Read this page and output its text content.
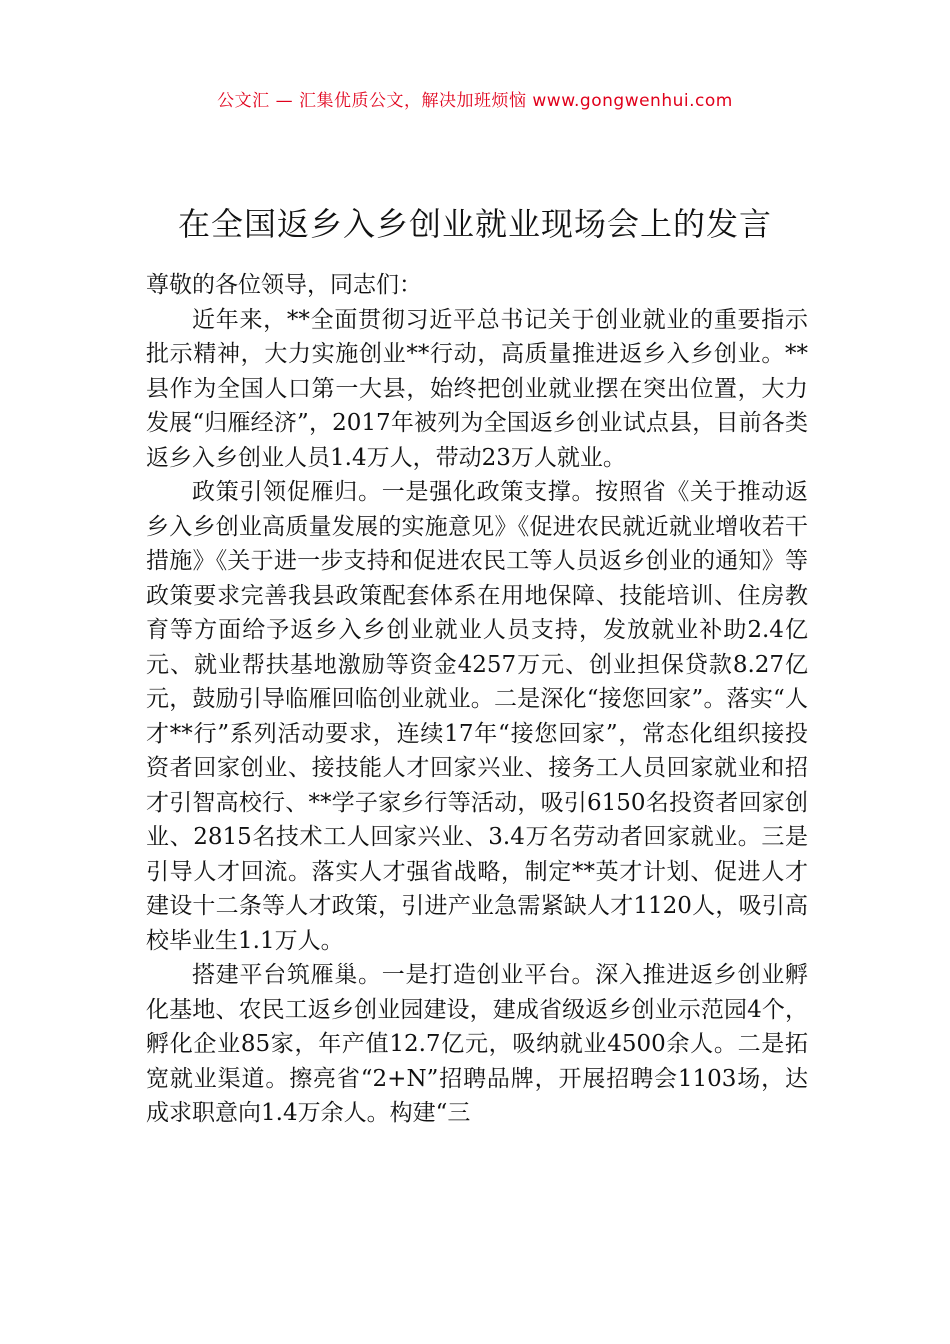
公文汇 — 汇集优质公文，解决加班烦恼 www.gongwenhui.com
在全国返乡入乡创业就业现场会上的发言

尊敬的各位领导，同志们：

近年来，**全面贯彻习近平总书记关于创业就业的重要指示批示精神，大力实施创业**行动，高质量推进返乡入乡创业。**县作为全国人口第一大县，始终把创业就业摆在突出位置，大力发展“归雁经济”，2017年被列为全国返乡创业试点县，目前各类返乡入乡创业人员1.4万人，带动23万人就业。

政策引领促雁归。一是强化政策支撑。按照省《关于推动返乡入乡创业高质量发展的实施意见》《促进农民就近就业增收若干措施》《关于进一步支持和促进农民工等人员返乡创业的通知》等政策要求完善我县政策配套体系在用地保障、技能培训、住房教育等方面给予返乡入乡创业就业人员支持，发放就业补助2.4亿元、就业帮扶基地激励等资金4257万元、创业担保贷款8.27亿元，鼓励引导临雁回临创业就业。二是深化“接您回家”。落实“人才**行”系列活动要求，连续17年“接您回家”，常态化组织接投资者回家创业、接技能人才回家兴业、接务工人员回家就业和招才引智高校行、**学子家乡行等活动，吸引6150名投资者回家创业、2815名技术工人回家兴业、3.4万名劳动者回家就业。三是引导人才回流。落实人才强省战略，制定**英才计划、促进人才建设十二条等人才政策，引进产业急需紧缺人才1120人，吸引高校毕业生1.1万人。

搭建平台筑雁巢。一是打造创业平台。深入推进返乡创业孵化基地、农民工返乡创业园建设，建成省级返乡创业示范园4个，孵化企业85家，年产值12.7亿元，吸纳就业4500余人。二是拓宽就业渠道。擦亮省“2+N”招聘品牌，开展招聘会1103场，达成求职意向1.4万余人。构建“三
